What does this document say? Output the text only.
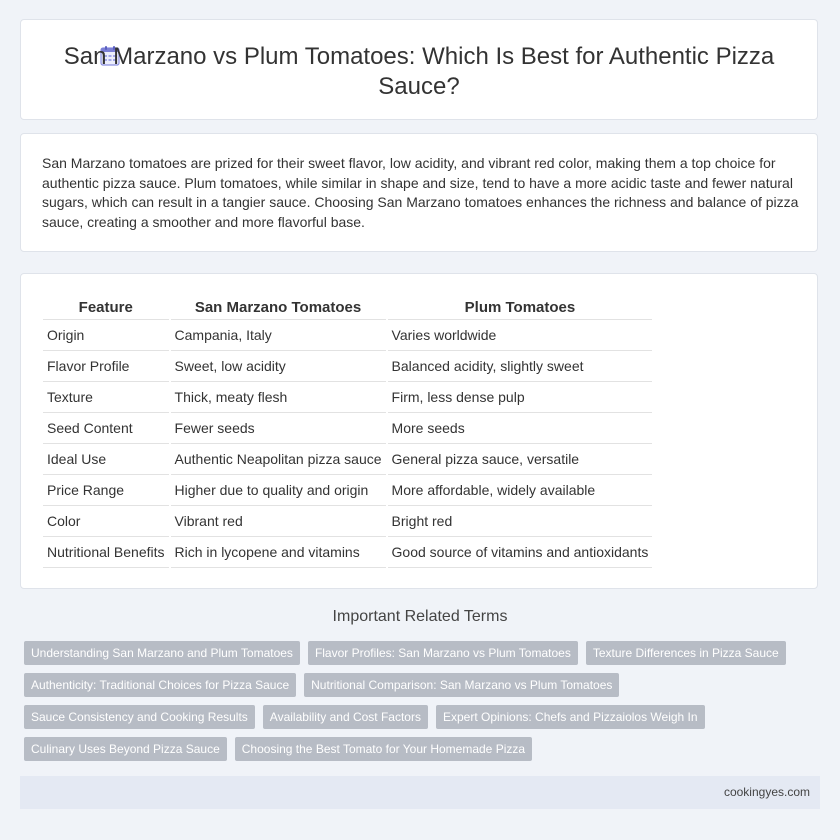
San Marzano vs Plum Tomatoes: Which Is Best for Authentic Pizza Sauce?

San Marzano tomatoes are prized for their sweet flavor, low acidity, and vibrant red color, making them a top choice for authentic pizza sauce. Plum tomatoes, while similar in shape and size, tend to have a more acidic taste and fewer natural sugars, which can result in a tangier sauce. Choosing San Marzano tomatoes enhances the richness and balance of pizza sauce, creating a smoother and more flavorful base.

Feature	San Marzano Tomatoes	Plum Tomatoes
Origin	Campania, Italy	Varies worldwide
Flavor Profile	Sweet, low acidity	Balanced acidity, slightly sweet
Texture	Thick, meaty flesh	Firm, less dense pulp
Seed Content	Fewer seeds	More seeds
Ideal Use	Authentic Neapolitan pizza sauce	General pizza sauce, versatile
Price Range	Higher due to quality and origin	More affordable, widely available
Color	Vibrant red	Bright red
Nutritional Benefits	Rich in lycopene and vitamins	Good source of vitamins and antioxidants
Important Related Terms
Understanding San Marzano and Plum Tomatoes	Flavor Profiles: San Marzano vs Plum Tomatoes	Texture Differences in Pizza Sauce
Authenticity: Traditional Choices for Pizza Sauce	Nutritional Comparison: San Marzano vs Plum Tomatoes
Sauce Consistency and Cooking Results	Availability and Cost Factors	Expert Opinions: Chefs and Pizzaiolos Weigh In
Culinary Uses Beyond Pizza Sauce	Choosing the Best Tomato for Your Homemade Pizza
cookingyes.com
